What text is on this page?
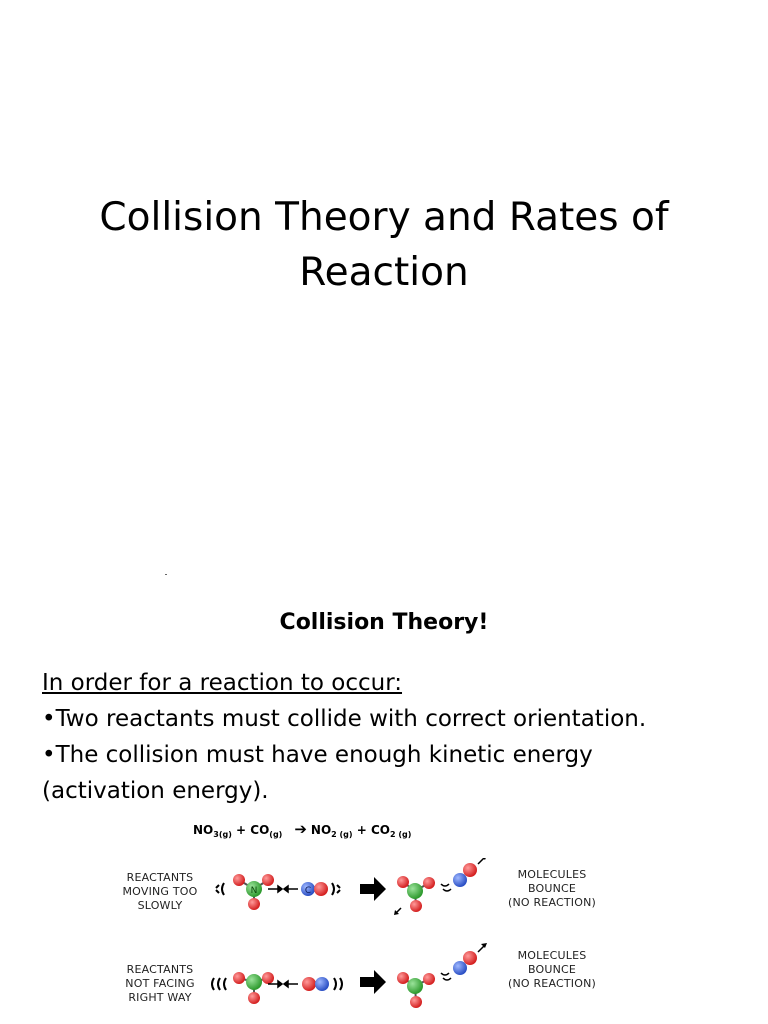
Collision Theory and Rates of
Reaction
Collision Theory!
In order for a reaction to occur:
•Two reactants must collide with correct orientation.
•The collision must have enough kinetic energy
(activation energy).
$NO_{3(g)} + CO_{(g)}$ ➔ $NO_{2 (g)} + CO_{2 (g)}$
REACTANTS
MOVING TOO
SLOWLY
MOLECULES
BOUNCE
(NO REACTION)
REACTANTS
NOT FACING
RIGHT WAY
MOLECULES
BOUNCE
(NO REACTION)
N	C
